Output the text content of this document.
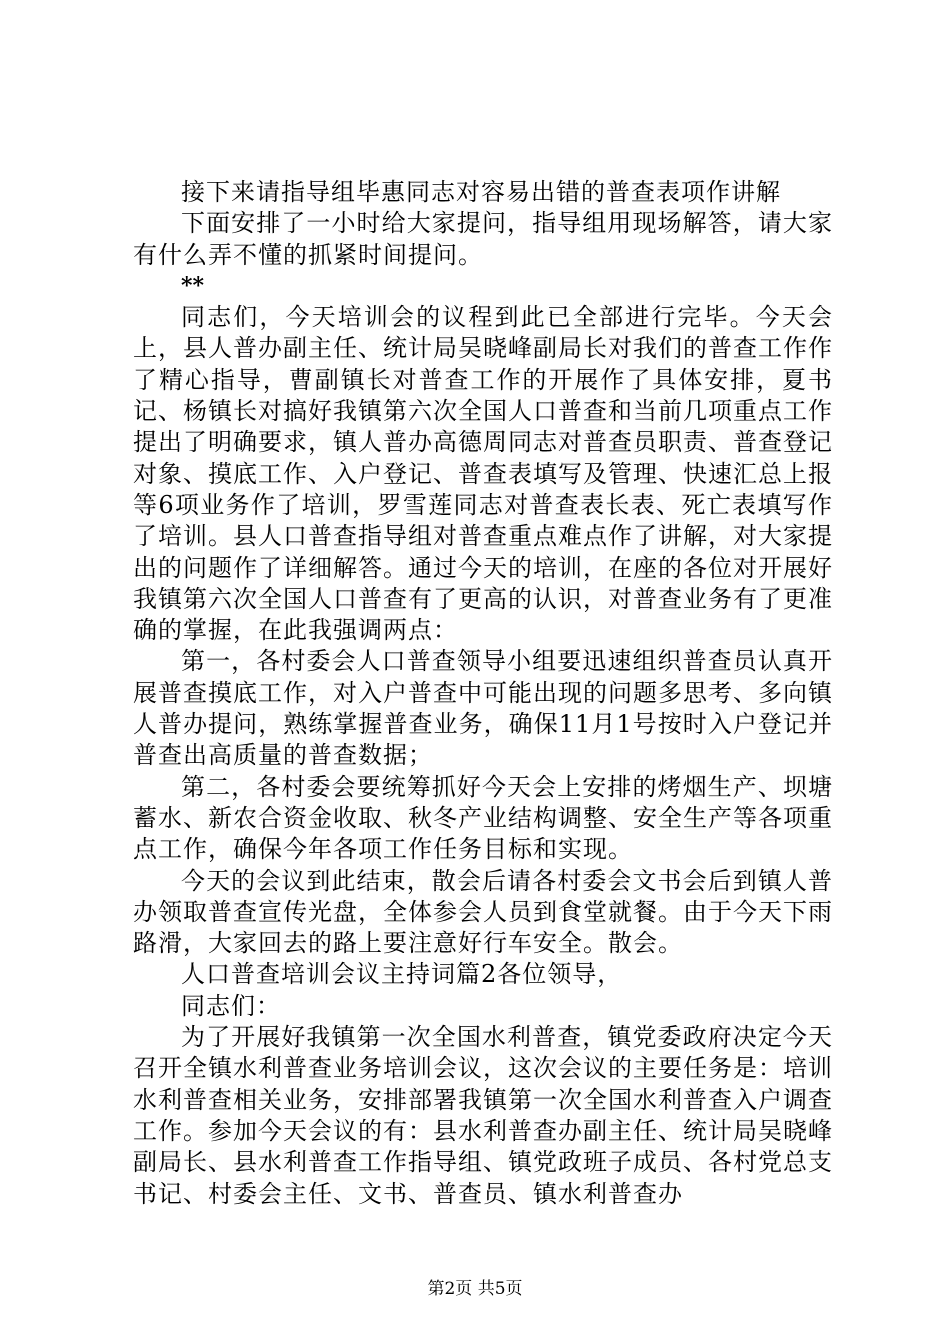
接下来请指导组毕惠同志对容易出错的普查表项作讲解

下面安排了一小时给大家提问，指导组用现场解答，请大家有什么弄不懂的抓紧时间提问。

**

同志们，今天培训会的议程到此已全部进行完毕。今天会上，县人普办副主任、统计局吴晓峰副局长对我们的普查工作作了精心指导，曹副镇长对普查工作的开展作了具体安排，夏书记、杨镇长对搞好我镇第六次全国人口普查和当前几项重点工作提出了明确要求，镇人普办高德周同志对普查员职责、普查登记对象、摸底工作、入户登记、普查表填写及管理、快速汇总上报等6项业务作了培训，罗雪莲同志对普查表长表、死亡表填写作了培训。县人口普查指导组对普查重点难点作了讲解，对大家提出的问题作了详细解答。通过今天的培训，在座的各位对开展好我镇第六次全国人口普查有了更高的认识，对普查业务有了更准确的掌握，在此我强调两点：

第一，各村委会人口普查领导小组要迅速组织普查员认真开展普查摸底工作，对入户普查中可能出现的问题多思考、多向镇人普办提问，熟练掌握普查业务，确保11月1号按时入户登记并普查出高质量的普查数据；

第二，各村委会要统筹抓好今天会上安排的烤烟生产、坝塘蓄水、新农合资金收取、秋冬产业结构调整、安全生产等各项重点工作，确保今年各项工作任务目标和实现。

今天的会议到此结束，散会后请各村委会文书会后到镇人普办领取普查宣传光盘，全体参会人员到食堂就餐。由于今天下雨路滑，大家回去的路上要注意好行车安全。散会。

人口普查培训会议主持词篇2各位领导，

同志们：

为了开展好我镇第一次全国水利普查，镇党委政府决定今天召开全镇水利普查业务培训会议，这次会议的主要任务是：培训水利普查相关业务，安排部署我镇第一次全国水利普查入户调查工作。参加今天会议的有：县水利普查办副主任、统计局吴晓峰副局长、县水利普查工作指导组、镇党政班子成员、各村党总支书记、村委会主任、文书、普查员、镇水利普查办

第2页 共5页
